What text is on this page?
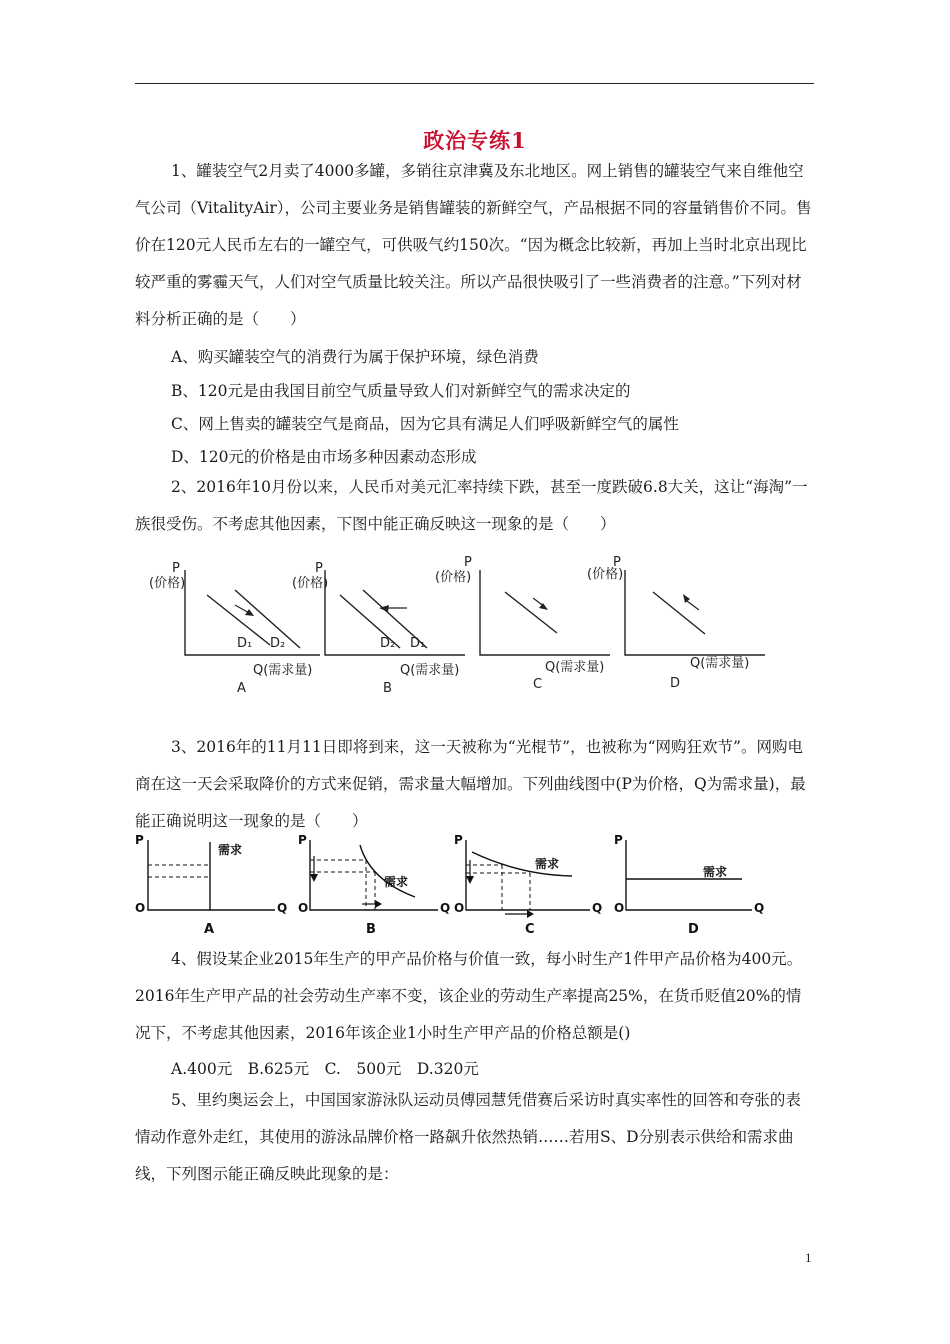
政治专练1

1、罐装空气2月卖了4000多罐，多销往京津冀及东北地区。网上销售的罐装空气来自维他空气公司（VitalityAir），公司主要业务是销售罐装的新鲜空气，产品根据不同的容量销售价不同。售价在120元人民币左右的一罐空气，可供吸气约150次。“因为概念比较新，再加上当时北京出现比较严重的雾霾天气，人们对空气质量比较关注。所以产品很快吸引了一些消费者的注意。”下列对材料分析正确的是（　　）

A、购买罐装空气的消费行为属于保护环境，绿色消费
B、120元是由我国目前空气质量导致人们对新鲜空气的需求决定的
C、网上售卖的罐装空气是商品，因为它具有满足人们呼吸新鲜空气的属性
D、120元的价格是由市场多种因素动态形成

2、2016年10月份以来，人民币对美元汇率持续下跌，甚至一度跌破6.8大关，这让“海淘”一族很受伤。不考虑其他因素，下图中能正确反映这一现象的是（　　）

P
(价格)
D₁ D₂
Q(需求量)
A
P
(价格)
D₂ D₁
Q(需求量)
B
P
(价格)
Q(需求量)
C
P
(价格)
Q(需求量)
D

3、2016年的11月11日即将到来，这一天被称为“光棍节”，也被称为“网购狂欢节”。网购电商在这一天会采取降价的方式来促销，需求量大幅增加。下列曲线图中(P为价格，Q为需求量)，最能正确说明这一现象的是（　　）

P
O	Q
需求
A
P
O	Q
需求
B
P
O	Q
需求
C
P
O	Q
需求
D

4、假设某企业2015年生产的甲产品价格与价值一致，每小时生产1件甲产品价格为400元。2016年生产甲产品的社会劳动生产率不变，该企业的劳动生产率提高25%，在货币贬值20%的情况下，不考虑其他因素，2016年该企业1小时生产甲产品的价格总额是()

A.400元　B.625元　C.　500元　D.320元

5、里约奥运会上，中国国家游泳队运动员傅园慧凭借赛后采访时真实率性的回答和夸张的表情动作意外走红，其使用的游泳品牌价格一路飙升依然热销……若用S、D分别表示供给和需求曲线，下列图示能正确反映此现象的是：

1
